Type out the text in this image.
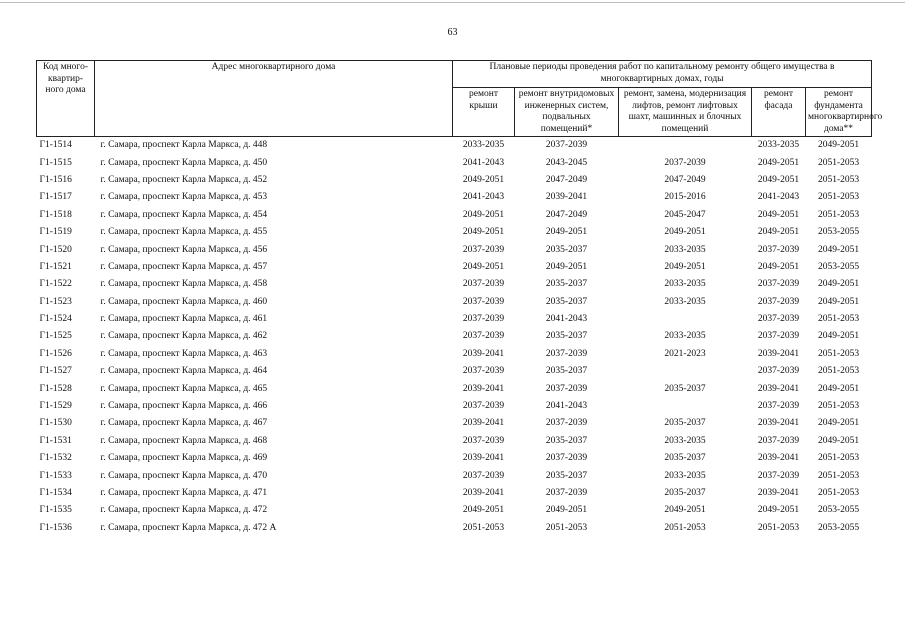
63
Код много-квартир-ного дома	Адрес многоквартирного дома	Плановые периоды проведения работ по капитальному ремонту общего имущества в многоквартирных домах, годы				
		ремонт крыши	ремонт внутридомовых инженерных систем, подвальных помещений*	ремонт, замена, модернизация лифтов, ремонт лифтовых шахт, машинных и блочных помещений	ремонт фасада	ремонт фундамента многоквартирного дома**
Г1-1514	г. Самара, проспект Карла Маркса, д. 448	2033-2035	2037-2039		2033-2035	2049-2051
Г1-1515	г. Самара, проспект Карла Маркса, д. 450	2041-2043	2043-2045	2037-2039	2049-2051	2051-2053
Г1-1516	г. Самара, проспект Карла Маркса, д. 452	2049-2051	2047-2049	2047-2049	2049-2051	2051-2053
Г1-1517	г. Самара, проспект Карла Маркса, д. 453	2041-2043	2039-2041	2015-2016	2041-2043	2051-2053
Г1-1518	г. Самара, проспект Карла Маркса, д. 454	2049-2051	2047-2049	2045-2047	2049-2051	2051-2053
Г1-1519	г. Самара, проспект Карла Маркса, д. 455	2049-2051	2049-2051	2049-2051	2049-2051	2053-2055
Г1-1520	г. Самара, проспект Карла Маркса, д. 456	2037-2039	2035-2037	2033-2035	2037-2039	2049-2051
Г1-1521	г. Самара, проспект Карла Маркса, д. 457	2049-2051	2049-2051	2049-2051	2049-2051	2053-2055
Г1-1522	г. Самара, проспект Карла Маркса, д. 458	2037-2039	2035-2037	2033-2035	2037-2039	2049-2051
Г1-1523	г. Самара, проспект Карла Маркса, д. 460	2037-2039	2035-2037	2033-2035	2037-2039	2049-2051
Г1-1524	г. Самара, проспект Карла Маркса, д. 461	2037-2039	2041-2043		2037-2039	2051-2053
Г1-1525	г. Самара, проспект Карла Маркса, д. 462	2037-2039	2035-2037	2033-2035	2037-2039	2049-2051
Г1-1526	г. Самара, проспект Карла Маркса, д. 463	2039-2041	2037-2039	2021-2023	2039-2041	2051-2053
Г1-1527	г. Самара, проспект Карла Маркса, д. 464	2037-2039	2035-2037		2037-2039	2051-2053
Г1-1528	г. Самара, проспект Карла Маркса, д. 465	2039-2041	2037-2039	2035-2037	2039-2041	2049-2051
Г1-1529	г. Самара, проспект Карла Маркса, д. 466	2037-2039	2041-2043		2037-2039	2051-2053
Г1-1530	г. Самара, проспект Карла Маркса, д. 467	2039-2041	2037-2039	2035-2037	2039-2041	2049-2051
Г1-1531	г. Самара, проспект Карла Маркса, д. 468	2037-2039	2035-2037	2033-2035	2037-2039	2049-2051
Г1-1532	г. Самара, проспект Карла Маркса, д. 469	2039-2041	2037-2039	2035-2037	2039-2041	2051-2053
Г1-1533	г. Самара, проспект Карла Маркса, д. 470	2037-2039	2035-2037	2033-2035	2037-2039	2051-2053
Г1-1534	г. Самара, проспект Карла Маркса, д. 471	2039-2041	2037-2039	2035-2037	2039-2041	2051-2053
Г1-1535	г. Самара, проспект Карла Маркса, д. 472	2049-2051	2049-2051	2049-2051	2049-2051	2053-2055
Г1-1536	г. Самара, проспект Карла Маркса, д. 472 А	2051-2053	2051-2053	2051-2053	2051-2053	2053-2055
